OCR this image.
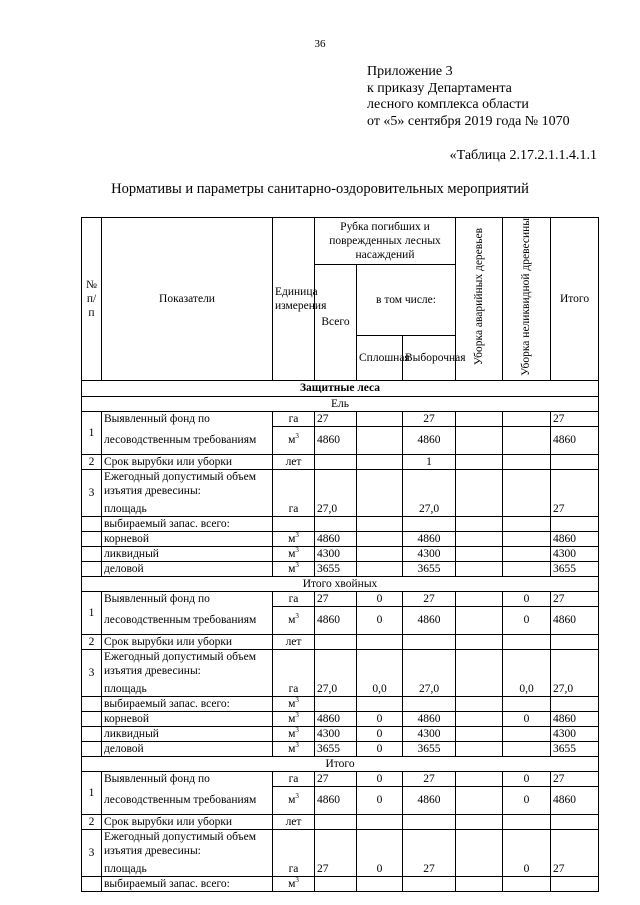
36
Приложение 3
к приказу Департамента
лесного комплекса области
от «5» сентября 2019 года № 1070
«Таблица 2.17.2.1.1.4.1.1
Нормативы и параметры санитарно-оздоровительных мероприятий
№ п/п	Показатели	Единица измерения	Рубка погибших и поврежденных лесных насаждений			Уборка аварийных деревьев	Уборка неликвидной древесины	Итого
			Всего	в том числе:				
				Сплошная	Выборочная			
Защитные леса								
Ель								
1	Выявленный фонд по	га	27		27			27
	лесоводственным требованиям	$м^3$	4860		4860			4860
2	Срок вырубки или уборки	лет			1			
3	Ежегодный допустимый объем изъятия древесины:							
	площадь	га	27,0		27,0			27
	выбираемый запас. всего:							
	корневой	$м^3$	4860		4860			4860
	ликвидный	$м^3$	4300		4300			4300
	деловой	$м^3$	3655		3655			3655
Итого хвойных								
1	Выявленный фонд по	га	27	0	27		0	27
	лесоводственным требованиям	$м^3$	4860	0	4860		0	4860
2	Срок вырубки или уборки	лет						
3	Ежегодный допустимый объем изъятия древесины:							
	площадь	га	27,0	0,0	27,0		0,0	27,0
	выбираемый запас. всего:	$м^3$						
	корневой	$м^3$	4860	0	4860		0	4860
	ликвидный	$м^3$	4300	0	4300			4300
	деловой	$м^3$	3655	0	3655			3655
Итого								
1	Выявленный фонд по	га	27	0	27		0	27
	лесоводственным требованиям	$м^3$	4860	0	4860		0	4860
2	Срок вырубки или уборки	лет						
3	Ежегодный допустимый объем изъятия древесины:							
	площадь	га	27	0	27		0	27
	выбираемый запас. всего:	$м^3$						
